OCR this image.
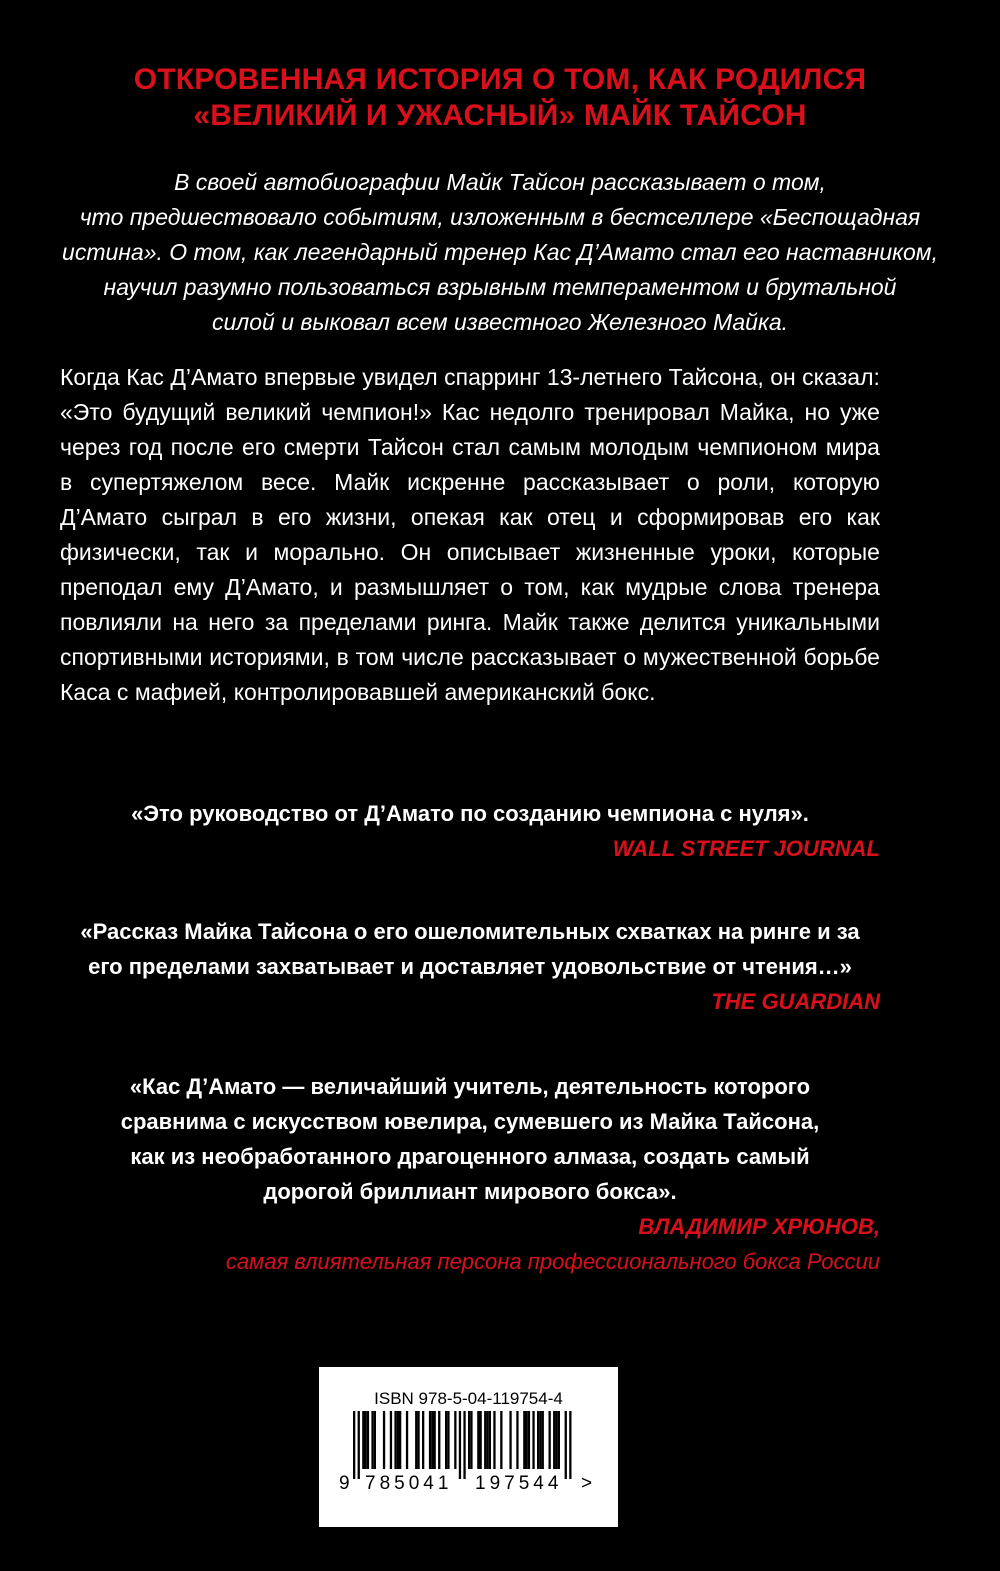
ОТКРОВЕННАЯ ИСТОРИЯ О ТОМ, КАК РОДИЛСЯ
«ВЕЛИКИЙ И УЖАСНЫЙ» МАЙК ТАЙСОН
В своей автобиографии Майк Тайсон рассказывает о том,
что предшествовало событиям, изложенным в бестселлере «Беспощадная
истина». О том, как легендарный тренер Кас Д’Амато стал его наставником,
научил разумно пользоваться взрывным темпераментом и брутальной
силой и выковал всем известного Железного Майка.
Когда Кас Д’Амато впервые увидел спарринг 13-летнего Тайсона, он сказал:
«Это будущий великий чемпион!» Кас недолго тренировал Майка, но уже
через год после его смерти Тайсон стал самым молодым чемпионом мира
в супертяжелом весе. Майк искренне рассказывает о роли, которую
Д’Амато сыграл в его жизни, опекая как отец и сформировав его как
физически, так и морально. Он описывает жизненные уроки, которые
преподал ему Д’Амато, и размышляет о том, как мудрые слова тренера
повлияли на него за пределами ринга. Майк также делится уникальными
спортивными историями, в том числе рассказывает о мужественной борьбе
Каса с мафией, контролировавшей американский бокс.
«Это руководство от Д’Амато по созданию чемпиона с нуля».
WALL STREET JOURNAL
«Рассказ Майка Тайсона о его ошеломительных схватках на ринге и за
его пределами захватывает и доставляет удовольствие от чтения…»
THE GUARDIAN
«Кас Д’Амато — величайший учитель, деятельность которого
сравнима с искусством ювелира, сумевшего из Майка Тайсона,
как из необработанного драгоценного алмаза, создать самый
дорогой бриллиант мирового бокса».
ВЛАДИМИР ХРЮНОВ,
самая влиятельная персона профессионального бокса России
ISBN 978-5-04-119754-4
9 785041 197544 >
